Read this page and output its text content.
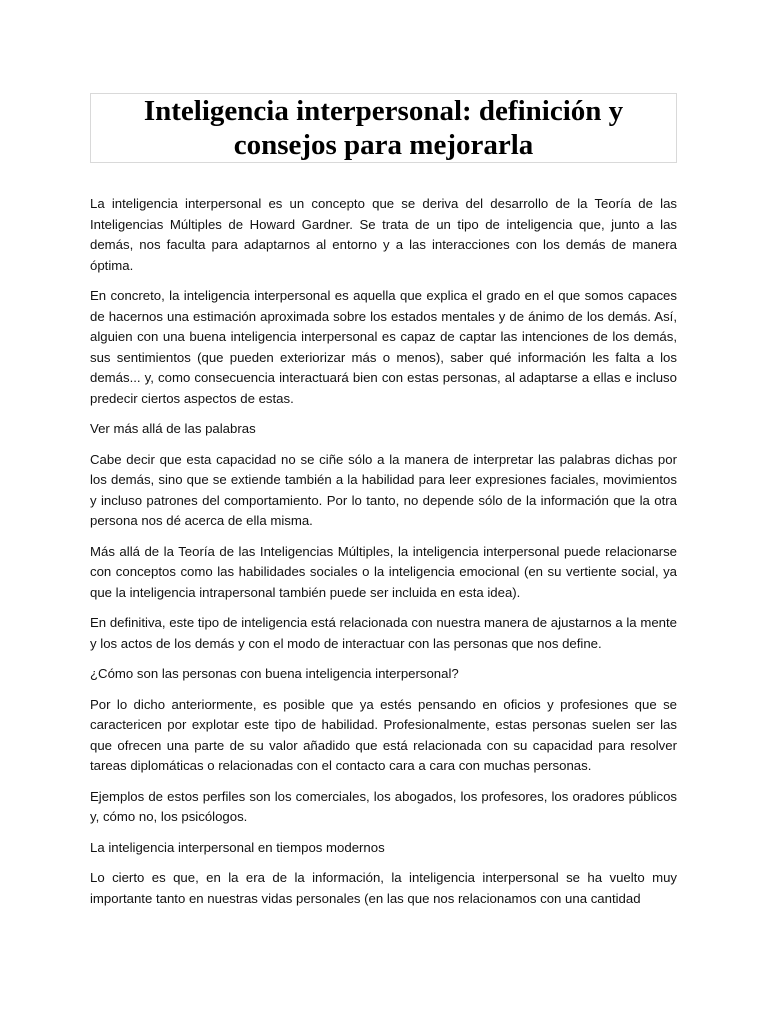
Inteligencia interpersonal: definición y consejos para mejorarla

La inteligencia interpersonal es un concepto que se deriva del desarrollo de la Teoría de las Inteligencias Múltiples de Howard Gardner. Se trata de un tipo de inteligencia que, junto a las demás, nos faculta para adaptarnos al entorno y a las interacciones con los demás de manera óptima.

En concreto, la inteligencia interpersonal es aquella que explica el grado en el que somos capaces de hacernos una estimación aproximada sobre los estados mentales y de ánimo de los demás. Así, alguien con una buena inteligencia interpersonal es capaz de captar las intenciones de los demás, sus sentimientos (que pueden exteriorizar más o menos), saber qué información les falta a los demás... y, como consecuencia interactuará bien con estas personas, al adaptarse a ellas e incluso predecir ciertos aspectos de estas.

Ver más allá de las palabras

Cabe decir que esta capacidad no se ciñe sólo a la manera de interpretar las palabras dichas por los demás, sino que se extiende también a la habilidad para leer expresiones faciales, movimientos y incluso patrones del comportamiento. Por lo tanto, no depende sólo de la información que la otra persona nos dé acerca de ella misma.

Más allá de la Teoría de las Inteligencias Múltiples, la inteligencia interpersonal puede relacionarse con conceptos como las habilidades sociales o la inteligencia emocional (en su vertiente social, ya que la inteligencia intrapersonal también puede ser incluida en esta idea).

En definitiva, este tipo de inteligencia está relacionada con nuestra manera de ajustarnos a la mente y los actos de los demás y con el modo de interactuar con las personas que nos define.

¿Cómo son las personas con buena inteligencia interpersonal?

Por lo dicho anteriormente, es posible que ya estés pensando en oficios y profesiones que se caractericen por explotar este tipo de habilidad. Profesionalmente, estas personas suelen ser las que ofrecen una parte de su valor añadido que está relacionada con su capacidad para resolver tareas diplomáticas o relacionadas con el contacto cara a cara con muchas personas.

Ejemplos de estos perfiles son los comerciales, los abogados, los profesores, los oradores públicos y, cómo no, los psicólogos.

La inteligencia interpersonal en tiempos modernos

Lo cierto es que, en la era de la información, la inteligencia interpersonal se ha vuelto muy importante tanto en nuestras vidas personales (en las que nos relacionamos con una cantidad
